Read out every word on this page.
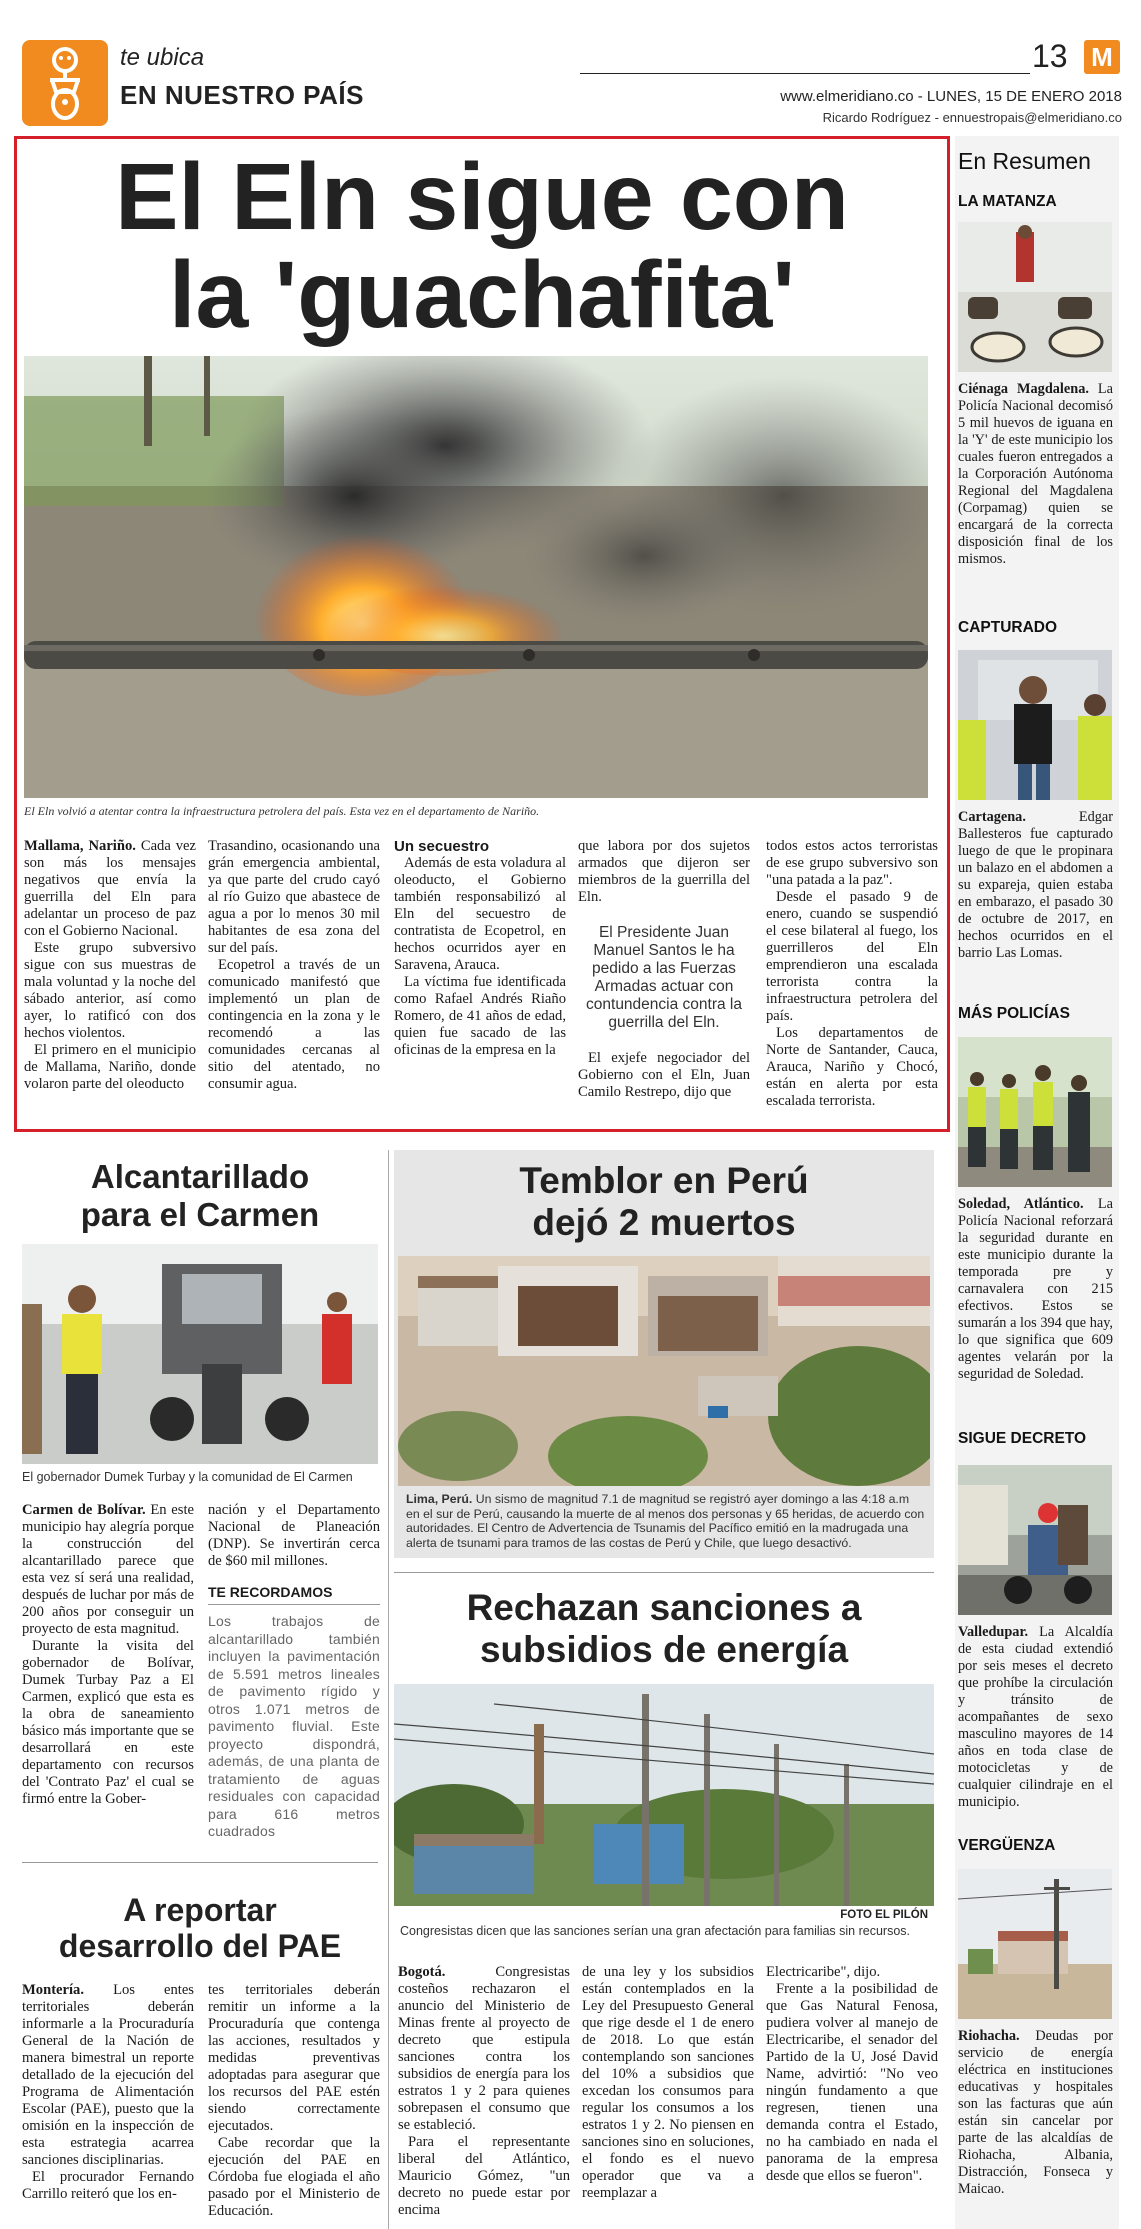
te ubica
EN NUESTRO PAÍS
13 M
www.elmeridiano.co - LUNES, 15 DE ENERO 2018
Ricardo Rodríguez - ennuestropais@elmeridiano.co
El Eln sigue con
la 'guachafita'
El Eln volvió a atentar contra la infraestructura petrolera del país. Esta vez en el departamento de Nariño.

Mallama, Nariño. Cada vez son más los mensajes negativos que envía la guerrilla del Eln para adelantar un proceso de paz con el Gobierno Nacional.

Este grupo subversivo sigue con sus muestras de mala voluntad y la noche del sábado anterior, así como ayer, lo ratificó con dos hechos violentos.

El primero en el municipio de Mallama, Nariño, donde volaron parte del oleoducto

Trasandino, ocasionando una grán emergencia ambiental, ya que parte del crudo cayó al río Guizo que abastece de agua a por lo menos 30 mil habitantes de esa zona del sur del país.

Ecopetrol a través de un comunicado manifestó que implementó un plan de contingencia en la zona y le recomendó a las comunidades cercanas al sitio del atentado, no consumir agua.

Un secuestro

Además de esta voladura al oleoducto, el Gobierno también responsabilizó al Eln del secuestro de contratista de Ecopetrol, en hechos ocurridos ayer en Saravena, Arauca.

La víctima fue identificada como Rafael Andrés Riaño Romero, de 41 años de edad, quien fue sacado de las oficinas de la empresa en la

que labora por dos sujetos armados que dijeron ser miembros de la guerrilla del Eln.

El Presidente Juan Manuel Santos le ha pedido a las Fuerzas Armadas actuar con contundencia contra la guerrilla del Eln.

El exjefe negociador del Gobierno con el Eln, Juan Camilo Restrepo, dijo que

todos estos actos terroristas de ese grupo subversivo son "una patada a la paz".

Desde el pasado 9 de enero, cuando se suspendió el cese bilateral al fuego, los guerrilleros del Eln emprendieron una escalada terrorista contra la infraestructura petrolera del país.

Los departamentos de Norte de Santander, Cauca, Arauca, Nariño y Chocó, están en alerta por esta escalada terrorista.

En Resumen
LA MATANZA
Ciénaga Magdalena. La Policía Nacional decomisó 5 mil huevos de iguana en la 'Y' de este municipio los cuales fueron entregados a la Corporación Autónoma Regional del Magdalena (Corpamag) quien se encargará de la correcta disposición final de los mismos.
CAPTURADO
Cartagena. Edgar Ballesteros fue capturado luego de que le propinara un balazo en el abdomen a su expareja, quien estaba en embarazo, el pasado 30 de octubre de 2017, en hechos ocurridos en el barrio Las Lomas.
MÁS POLICÍAS
Soledad, Atlántico. La Policía Nacional reforzará la seguridad durante en este municipio durante la temporada pre y carnavalera con 215 efectivos. Estos se sumarán a los 394 que hay, lo que significa que 609 agentes velarán por la seguridad de Soledad.
SIGUE DECRETO
Valledupar. La Alcaldía de esta ciudad extendió por seis meses el decreto que prohíbe la circulación y tránsito de acompañantes de sexo masculino mayores de 14 años en toda clase de motocicletas y de cualquier cilindraje en el municipio.
VERGÜENZA
Riohacha. Deudas por servicio de energía eléctrica en instituciones educativas y hospitales son las facturas que aún están sin cancelar por parte de las alcaldías de Riohacha, Albania, Distracción, Fonseca y Maicao.
Alcantarillado
para el Carmen
El gobernador Dumek Turbay y la comunidad de El Carmen

Carmen de Bolívar. En este municipio hay alegría porque la construcción del alcantarillado parece que esta vez sí será una realidad, después de luchar por más de 200 años por conseguir un proyecto de esta magnitud.

Durante la visita del gobernador de Bolívar, Dumek Turbay Paz a El Carmen, explicó que esta es la obra de saneamiento básico más importante que se desarrollará en este departamento con recursos del 'Contrato Paz' el cual se firmó entre la Gober-

nación y el Departamento Nacional de Planeación (DNP). Se invertirán cerca de $60 mil millones.

TE RECORDAMOS

Los trabajos de alcantarillado también incluyen la pavimentación de 5.591 metros lineales de pavimento rígido y otros 1.071 metros de pavimento fluvial. Este proyecto dispondrá, además, de una planta de tratamiento de aguas residuales con capacidad para 616 metros cuadrados

A reportar
desarrollo del PAE

Montería. Los entes territoriales deberán informarle a la Procuraduría General de la Nación de manera bimestral un reporte detallado de la ejecución del Programa de Alimentación Escolar (PAE), puesto que la omisión en la inspección de esta estrategia acarrea sanciones disciplinarias.

El procurador Fernando Carrillo reiteró que los en-

tes territoriales deberán remitir un informe a la Procuraduría que contenga las acciones, resultados y medidas preventivas adoptadas para asegurar que los recursos del PAE estén siendo correctamente ejecutados.

Cabe recordar que la ejecución del PAE en Córdoba fue elogiada el año pasado por el Ministerio de Educación.

Temblor en Perú
dejó 2 muertos
Lima, Perú. Un sismo de magnitud 7.1 de magnitud se registró ayer domingo a las 4:18 a.m en el sur de Perú, causando la muerte de al menos dos personas y 65 heridas, de acuerdo con autoridades. El Centro de Advertencia de Tsunamis del Pacífico emitió en la madrugada una alerta de tsunami para tramos de las costas de Perú y Chile, que luego desactivó.
Rechazan sanciones a
subsidios de energía
FOTO EL PILÓN
Congresistas dicen que las sanciones serían una gran afectación para familias sin recursos.

Bogotá. Congresistas costeños rechazaron el anuncio del Ministerio de Minas frente al proyecto de decreto que estipula sanciones contra los subsidios de energía para los estratos 1 y 2 para quienes sobrepasen el consumo que se estableció.

Para el representante liberal del Atlántico, Mauricio Gómez, "un decreto no puede estar por encima

de una ley y los subsidios están contemplados en la Ley del Presupuesto General que rige desde el 1 de enero de 2018. Lo que están contemplando son sanciones del 10% a subsidios que excedan los consumos para regular los consumos a los estratos 1 y 2. No piensen en sanciones sino en soluciones, el fondo es el nuevo operador que va a reemplazar a

Electricaribe", dijo.

Frente a la posibilidad de que Gas Natural Fenosa, pudiera volver al manejo de Electricaribe, el senador del Partido de la U, José David Name, advirtió: "No veo ningún fundamento a que regresen, tienen una demanda contra el Estado, no ha cambiado en nada el panorama de la empresa desde que ellos se fueron".
